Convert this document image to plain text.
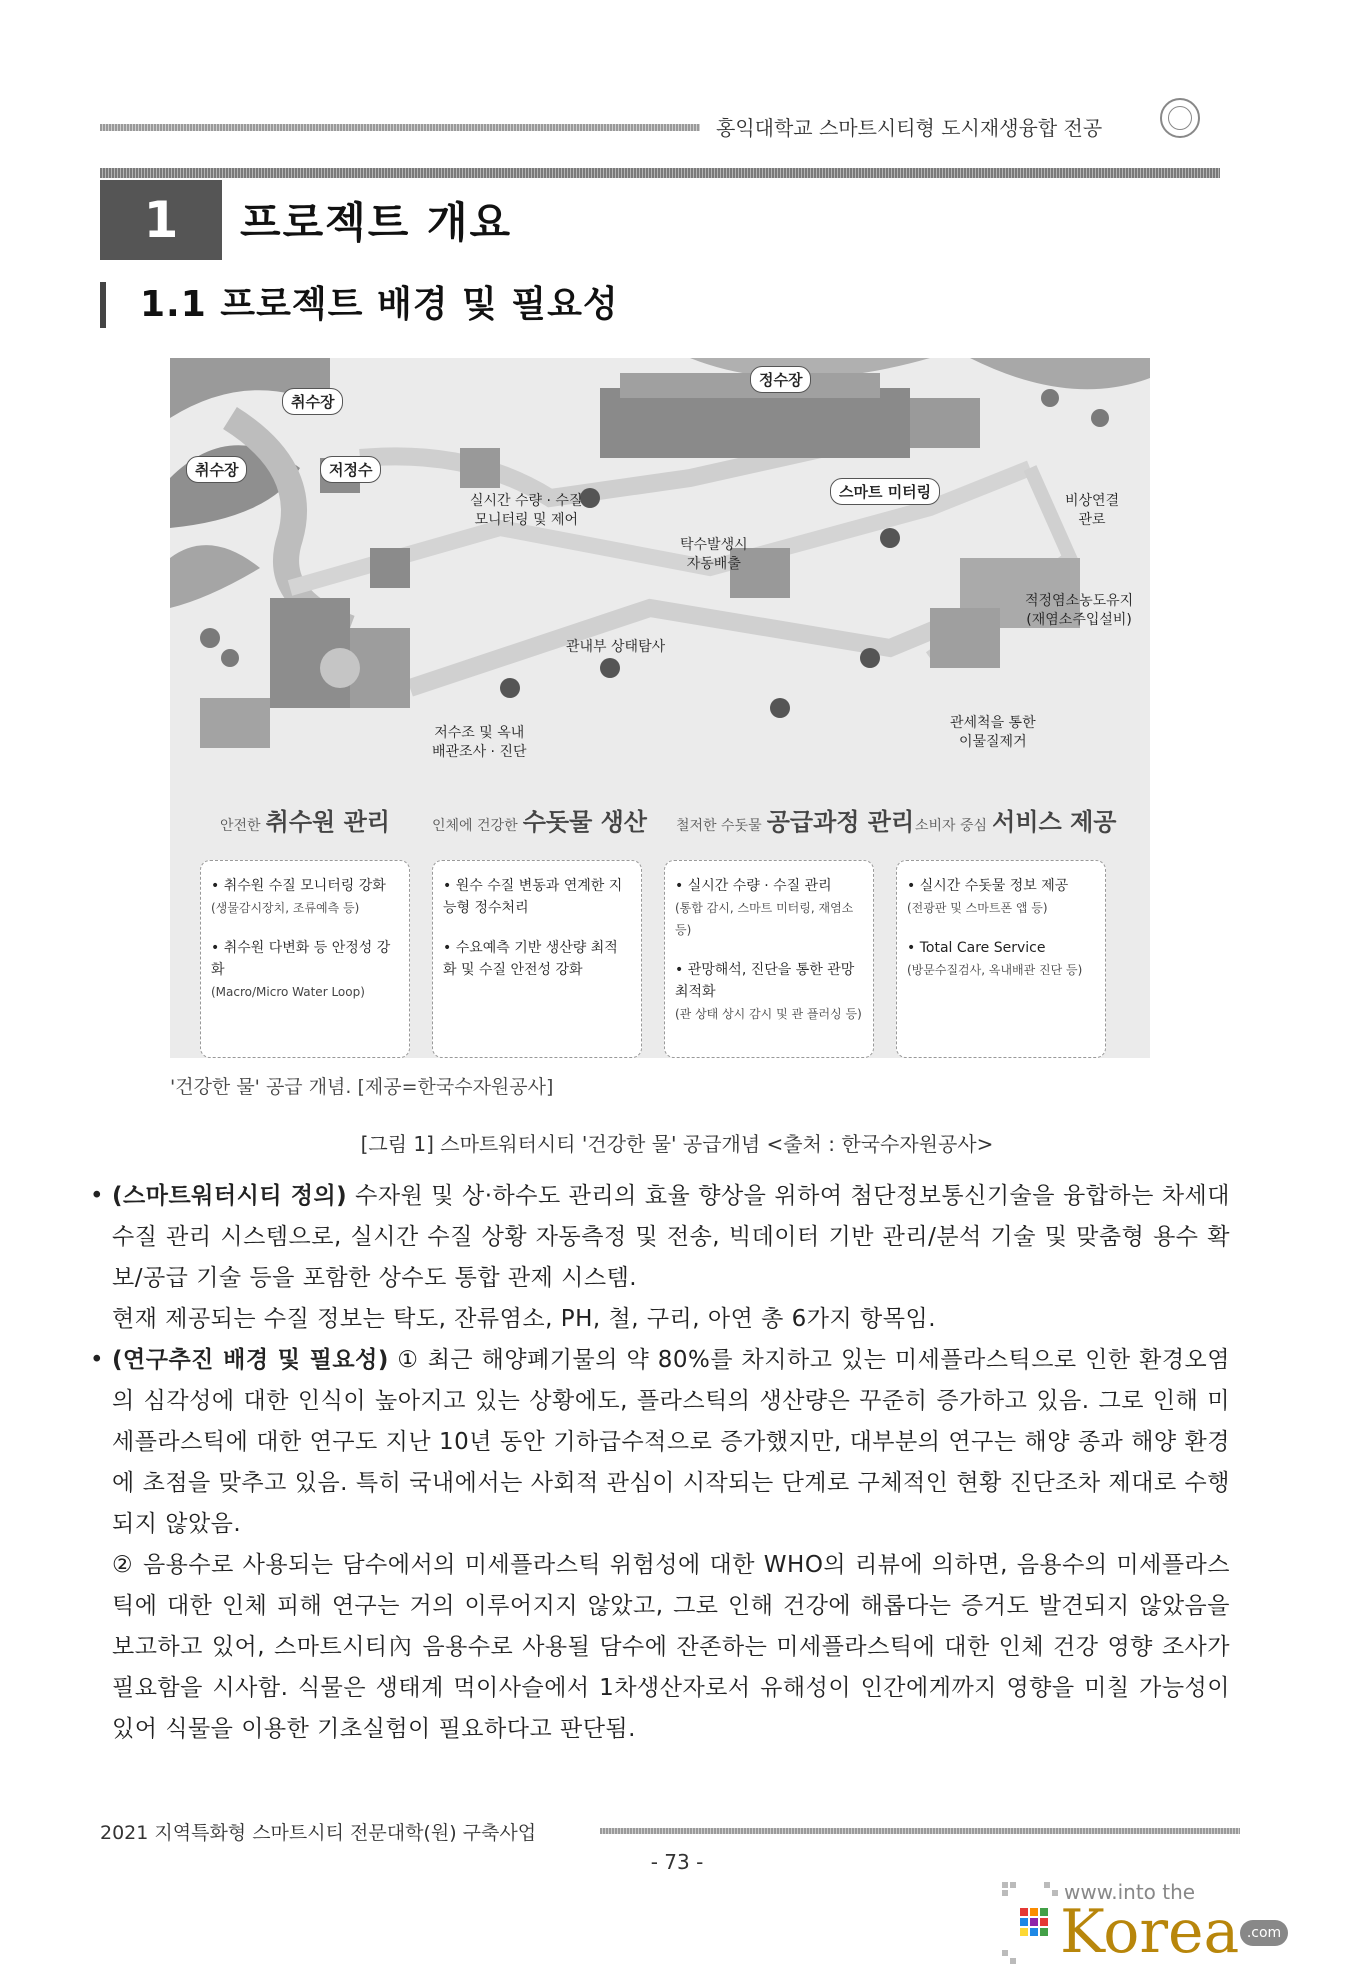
홍익대학교 스마트시티형 도시재생융합 전공
1	프로젝트 개요
1.1 프로젝트 배경 및 필요성
취수장
취수장	저정수
정수장
스마트 미터링
실시간 수량 · 수질
모니터링 및 제어
비상연결
관로
탁수발생시
자동배출
적정염소농도유지
(재염소주입설비)
관내부 상태탐사
저수조 및 옥내
배관조사 · 진단
관세척을 통한
이물질제거
안전한 취수원 관리	인체에 건강한 수돗물 생산 철저한 수돗물 공급과정 관리 소비자 중심 서비스 제공
• 취수원 수질 모니터링 강화
(생물감시장치, 조류예측 등)
• 취수원 다변화 등 안정성 강화
(Macro/Micro Water Loop)
• 원수 수질 변동과 연계한 지능형 정수처리
• 수요예측 기반 생산량 최적화 및 수질 안전성 강화
• 실시간 수량 · 수질 관리
(통합 감시, 스마트 미터링, 재염소 등)
• 관망해석, 진단을 통한 관망 최적화
(관 상태 상시 감시 및 관 플러싱 등)
• 실시간 수돗물 정보 제공
(전광판 및 스마트폰 앱 등)
• Total Care Service
(방문수질검사, 옥내배관 진단 등)
'건강한 물' 공급 개념. [제공=한국수자원공사]
[그림 1] 스마트워터시티 '건강한 물' 공급개념 <출처 : 한국수자원공사>
• (스마트워터시티 정의) 수자원 및 상·하수도 관리의 효율 향상을 위하여 첨단정보통신기술을 융합하는 차세대 수질 관리 시스템으로, 실시간 수질 상황 자동측정 및 전송, 빅데이터 기반 관리/분석 기술 및 맞춤형 용수 확보/공급 기술 등을 포함한 상수도 통합 관제 시스템.
현재 제공되는 수질 정보는 탁도, 잔류염소, PH, 철, 구리, 아연 총 6가지 항목임.
• (연구추진 배경 및 필요성) ① 최근 해양폐기물의 약 80%를 차지하고 있는 미세플라스틱으로 인한 환경오염의 심각성에 대한 인식이 높아지고 있는 상황에도, 플라스틱의 생산량은 꾸준히 증가하고 있음. 그로 인해 미세플라스틱에 대한 연구도 지난 10년 동안 기하급수적으로 증가했지만, 대부분의 연구는 해양 종과 해양 환경에 초점을 맞추고 있음. 특히 국내에서는 사회적 관심이 시작되는 단계로 구체적인 현황 진단조차 제대로 수행되지 않았음.
② 음용수로 사용되는 담수에서의 미세플라스틱 위험성에 대한 WHO의 리뷰에 의하면, 음용수의 미세플라스틱에 대한 인체 피해 연구는 거의 이루어지지 않았고, 그로 인해 건강에 해롭다는 증거도 발견되지 않았음을 보고하고 있어, 스마트시티內 음용수로 사용될 담수에 잔존하는 미세플라스틱에 대한 인체 건강 영향 조사가 필요함을 시사함. 식물은 생태계 먹이사슬에서 1차생산자로서 유해성이 인간에게까지 영향을 미칠 가능성이 있어 식물을 이용한 기초실험이 필요하다고 판단됨.
2021 지역특화형 스마트시티 전문대학(원) 구축사업
- 73 -
www.into the
Korea .com
